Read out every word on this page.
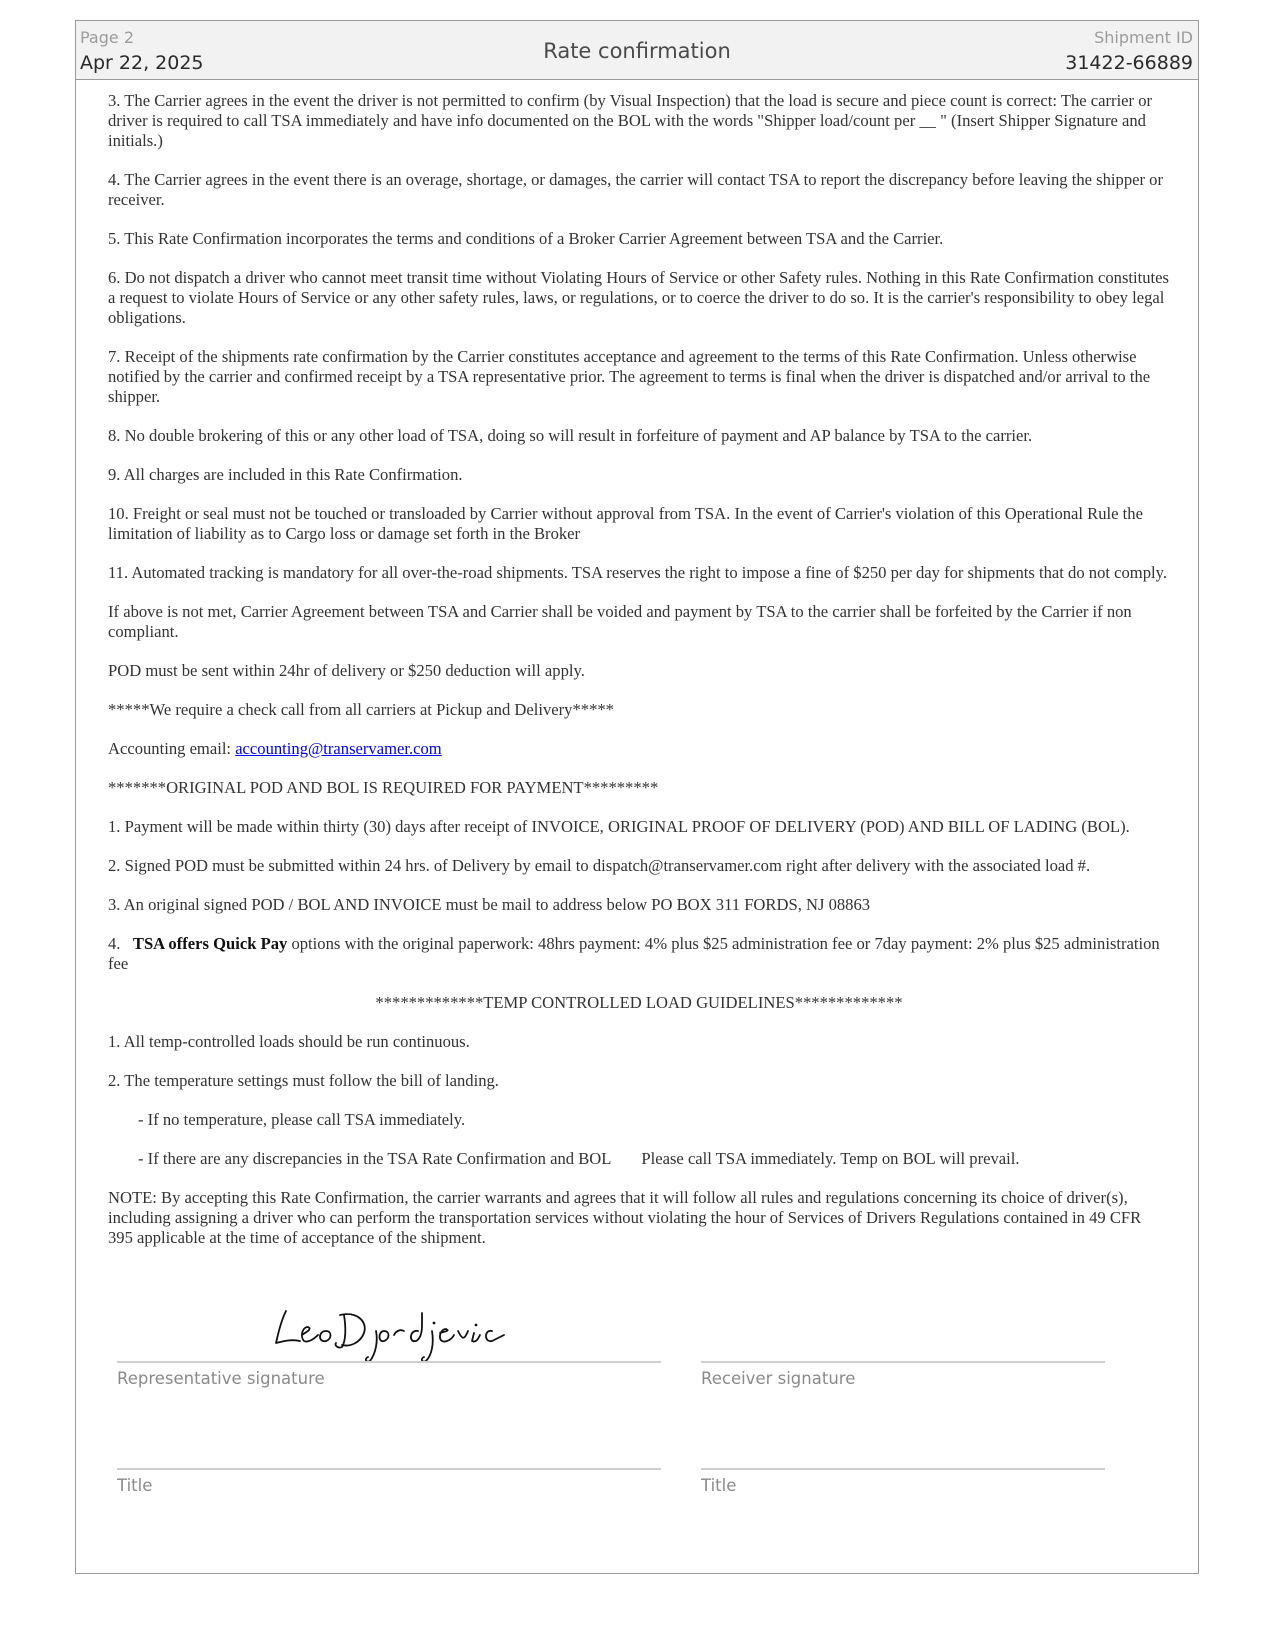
Page 2
Apr 22, 2025	Rate confirmation
Shipment ID
31422-66889

3. The Carrier agrees in the event the driver is not permitted to confirm (by Visual Inspection) that the load is secure and piece count is correct: The carrier or driver is required to call TSA immediately and have info documented on the BOL with the words "Shipper load/count per __ " (Insert Shipper Signature and initials.)

4. The Carrier agrees in the event there is an overage, shortage, or damages, the carrier will contact TSA to report the discrepancy before leaving the shipper or receiver.

5. This Rate Confirmation incorporates the terms and conditions of a Broker Carrier Agreement between TSA and the Carrier.

6. Do not dispatch a driver who cannot meet transit time without Violating Hours of Service or other Safety rules. Nothing in this Rate Confirmation constitutes a request to violate Hours of Service or any other safety rules, laws, or regulations, or to coerce the driver to do so. It is the carrier's responsibility to obey legal obligations.

7. Receipt of the shipments rate confirmation by the Carrier constitutes acceptance and agreement to the terms of this Rate Confirmation. Unless otherwise notified by the carrier and confirmed receipt by a TSA representative prior. The agreement to terms is final when the driver is dispatched and/or arrival to the shipper.

8. No double brokering of this or any other load of TSA, doing so will result in forfeiture of payment and AP balance by TSA to the carrier.

9. All charges are included in this Rate Confirmation.

10. Freight or seal must not be touched or transloaded by Carrier without approval from TSA. In the event of Carrier's violation of this Operational Rule the limitation of liability as to Cargo loss or damage set forth in the Broker

11. Automated tracking is mandatory for all over-the-road shipments. TSA reserves the right to impose a fine of $250 per day for shipments that do not comply.

If above is not met, Carrier Agreement between TSA and Carrier shall be voided and payment by TSA to the carrier shall be forfeited by the Carrier if non compliant.

POD must be sent within 24hr of delivery or $250 deduction will apply.

*****We require a check call from all carriers at Pickup and Delivery*****

Accounting email: accounting@transervamer.com

*******ORIGINAL POD AND BOL IS REQUIRED FOR PAYMENT*********

1. Payment will be made within thirty (30) days after receipt of INVOICE, ORIGINAL PROOF OF DELIVERY (POD) AND BILL OF LADING (BOL).

2. Signed POD must be submitted within 24 hrs. of Delivery by email to dispatch@transervamer.com right after delivery with the associated load #.

3. An original signed POD / BOL AND INVOICE must be mail to address below PO BOX 311 FORDS, NJ 08863

4.   TSA offers Quick Pay options with the original paperwork: 48hrs payment: 4% plus $25 administration fee or 7day payment: 2% plus $25 administration fee

*************TEMP CONTROLLED LOAD GUIDELINES*************

1. All temp-controlled loads should be run continuous.

2. The temperature settings must follow the bill of landing.

- If no temperature, please call TSA immediately.

- If there are any discrepancies in the TSA Rate Confirmation and BOL Please call TSA immediately. Temp on BOL will prevail.

NOTE: By accepting this Rate Confirmation, the carrier warrants and agrees that it will follow all rules and regulations concerning its choice of driver(s), including assigning a driver who can perform the transportation services without violating the hour of Services of Drivers Regulations contained in 49 CFR 395 applicable at the time of acceptance of the shipment.

Representative signature	Receiver signature
Title	Title
